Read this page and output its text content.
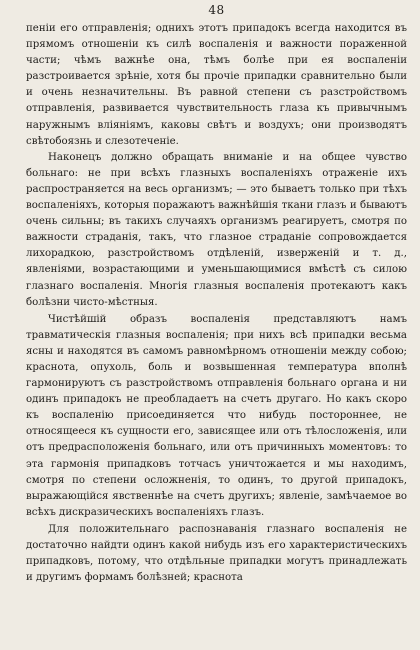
48

пенiи его отправленiя; однихъ этотъ припадокъ всегда находится въ прямомъ отношенiи къ силѣ воспаленiя и важности пораженной части; чѣмъ важнѣе она, тѣмъ болѣе при ея воспаленiи разстроивается зрѣнiе, хотя бы прочiе припадки сравнительно были и очень незначительны. Въ равной степени съ разстройствомъ отправленiя, развивается чувствительность глаза къ привычнымъ наружнымъ влiянiямъ, каковы свѣтъ и воздухъ; они производятъ свѣтобоязнь и слезотеченiе.

Наконецъ должно обращать вниманiе и на общее чувство больнаго: не при всѣхъ глазныхъ воспаленiяхъ отраженiе ихъ распространяется на весь организмъ; — это бываетъ только при тѣхъ воспаленiяхъ, которыя поражаютъ важнѣйшiя ткани глазъ и бываютъ очень сильны; въ такихъ случаяхъ организмъ реагируетъ, смотря по важности страданiя, такъ, что глазное страданiе сопровождается лихорадкою, разстройствомъ отдѣленiй, изверженiй и т. д., явленiями, возрастающими и уменьшающимися вмѣстѣ съ силою глазнаго воспаленiя. Многiя глазныя воспаленiя протекаютъ какъ болѣзни чисто-мѣстныя.

Чистѣйшiй образъ воспаленiя представляютъ намъ травматическiя глазныя воспаленiя; при нихъ всѣ припадки весьма ясны и находятся въ самомъ равномѣрномъ отношенiи между собою; краснота, опухоль, боль и возвышенная температура вполнѣ гармонируютъ съ разстройствомъ отправленiя больнаго органа и ни одинъ припадокъ не преобладаетъ на счетъ другаго. Но какъ скоро къ воспаленiю присоединяется что нибудь постороннее, не относящееся къ сущности его, зависящее или отъ тѣлосложенiя, или отъ предрасположенiя больнаго, или отъ причинныхъ моментовъ: то эта гармонiя припадковъ тотчасъ уничтожается и мы находимъ, смотря по степени осложненiя, то одинъ, то другой припадокъ, выражающiйся явственнѣе на счетъ другихъ; явленiе, замѣчаемое во всѣхъ дискразическихъ воспаленiяхъ глазъ.

Для положительнаго распознаванiя глазнаго воспаленiя не достаточно найдти одинъ какой нибудь изъ его характеристическихъ припадковъ, потому, что отдѣльные припадки могутъ принадлежать и другимъ формамъ болѣзней; краснота
